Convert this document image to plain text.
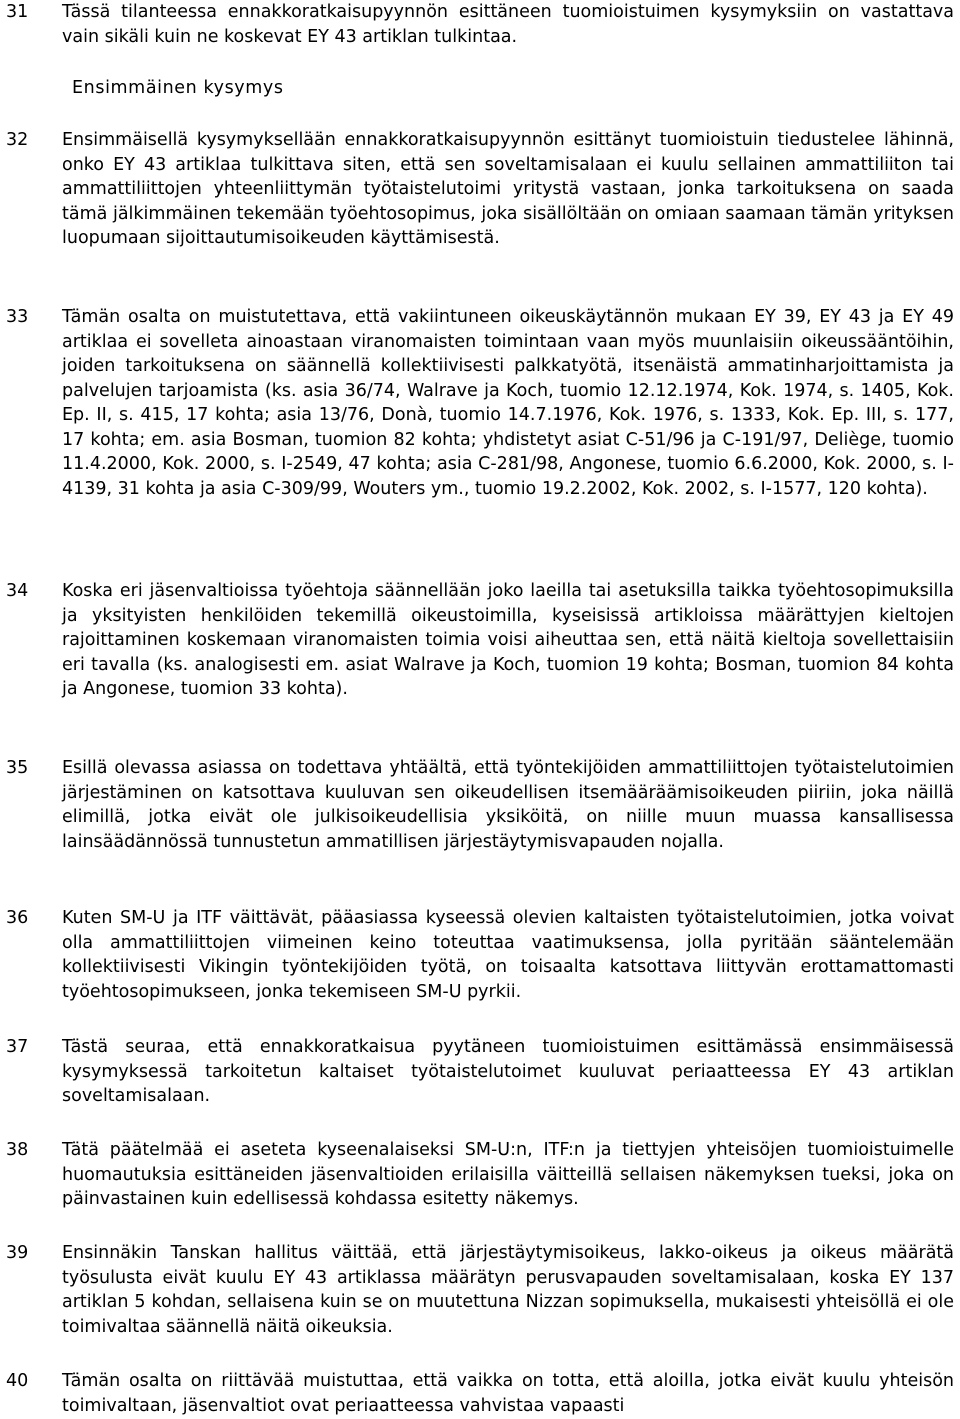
31 Tässä tilanteessa ennakkoratkaisupyynnön esittäneen tuomioistuimen kysymyksiin on vastattava vain sikäli kuin ne koskevat EY 43 artiklan tulkintaa.
Ensimmäinen kysymys
32 Ensimmäisellä kysymyksellään ennakkoratkaisupyynnön esittänyt tuomioistuin tiedustelee lähinnä, onko EY 43 artiklaa tulkittava siten, että sen soveltamisalaan ei kuulu sellainen ammattiliiton tai ammattiliittojen yhteenliittymän työtaistelutoimi yritystä vastaan, jonka tarkoituksena on saada tämä jälkimmäinen tekemään työehtosopimus, joka sisällöltään on omiaan saamaan tämän yrityksen luopumaan sijoittautumisoikeuden käyttämisestä.
33 Tämän osalta on muistutettava, että vakiintuneen oikeuskäytännön mukaan EY 39, EY 43 ja EY 49 artiklaa ei sovelleta ainoastaan viranomaisten toimintaan vaan myös muunlaisiin oikeussääntöihin, joiden tarkoituksena on säännellä kollektiivisesti palkkatyötä, itsenäistä ammatinharjoittamista ja palvelujen tarjoamista (ks. asia 36/74, Walrave ja Koch, tuomio 12.12.1974, Kok. 1974, s. 1405, Kok. Ep. II, s. 415, 17 kohta; asia 13/76, Donà, tuomio 14.7.1976, Kok. 1976, s. 1333, Kok. Ep. III, s. 177, 17 kohta; em. asia Bosman, tuomion 82 kohta; yhdistetyt asiat C-51/96 ja C-191/97, Deliège, tuomio 11.4.2000, Kok. 2000, s. I-2549, 47 kohta; asia C-281/98, Angonese, tuomio 6.6.2000, Kok. 2000, s. I-4139, 31 kohta ja asia C-309/99, Wouters ym., tuomio 19.2.2002, Kok. 2002, s. I-1577, 120 kohta).
34 Koska eri jäsenvaltioissa työehtoja säännellään joko laeilla tai asetuksilla taikka työehtosopimuksilla ja yksityisten henkilöiden tekemillä oikeustoimilla, kyseisissä artikloissa määrättyjen kieltojen rajoittaminen koskemaan viranomaisten toimia voisi aiheuttaa sen, että näitä kieltoja sovellettaisiin eri tavalla (ks. analogisesti em. asiat Walrave ja Koch, tuomion 19 kohta; Bosman, tuomion 84 kohta ja Angonese, tuomion 33 kohta).
35 Esillä olevassa asiassa on todettava yhtäältä, että työntekijöiden ammattiliittojen työtaistelutoimien järjestäminen on katsottava kuuluvan sen oikeudellisen itsemääräämisoikeuden piiriin, joka näillä elimillä, jotka eivät ole julkisoikeudellisia yksiköitä, on niille muun muassa kansallisessa lainsäädännössä tunnustetun ammatillisen järjestäytymisvapauden nojalla.
36 Kuten SM-U ja ITF väittävät, pääasiassa kyseessä olevien kaltaisten työtaistelutoimien, jotka voivat olla ammattiliittojen viimeinen keino toteuttaa vaatimuksensa, jolla pyritään sääntelemään kollektiivisesti Vikingin työntekijöiden työtä, on toisaalta katsottava liittyvän erottamattomasti työehtosopimukseen, jonka tekemiseen SM-U pyrkii.
37 Tästä seuraa, että ennakkoratkaisua pyytäneen tuomioistuimen esittämässä ensimmäisessä kysymyksessä tarkoitetun kaltaiset työtaistelutoimet kuuluvat periaatteessa EY 43 artiklan soveltamisalaan.
38 Tätä päätelmää ei aseteta kyseenalaiseksi SM-U:n, ITF:n ja tiettyjen yhteisöjen tuomioistuimelle huomautuksia esittäneiden jäsenvaltioiden erilaisilla väitteillä sellaisen näkemyksen tueksi, joka on päinvastainen kuin edellisessä kohdassa esitetty näkemys.
39 Ensinnäkin Tanskan hallitus väittää, että järjestäytymisoikeus, lakko-oikeus ja oikeus määrätä työsulusta eivät kuulu EY 43 artiklassa määrätyn perusvapauden soveltamisalaan, koska EY 137 artiklan 5 kohdan, sellaisena kuin se on muutettuna Nizzan sopimuksella, mukaisesti yhteisöllä ei ole toimivaltaa säännellä näitä oikeuksia.
40 Tämän osalta on riittävää muistuttaa, että vaikka on totta, että aloilla, jotka eivät kuulu yhteisön toimivaltaan, jäsenvaltiot ovat periaatteessa vahvistaa vapaasti
